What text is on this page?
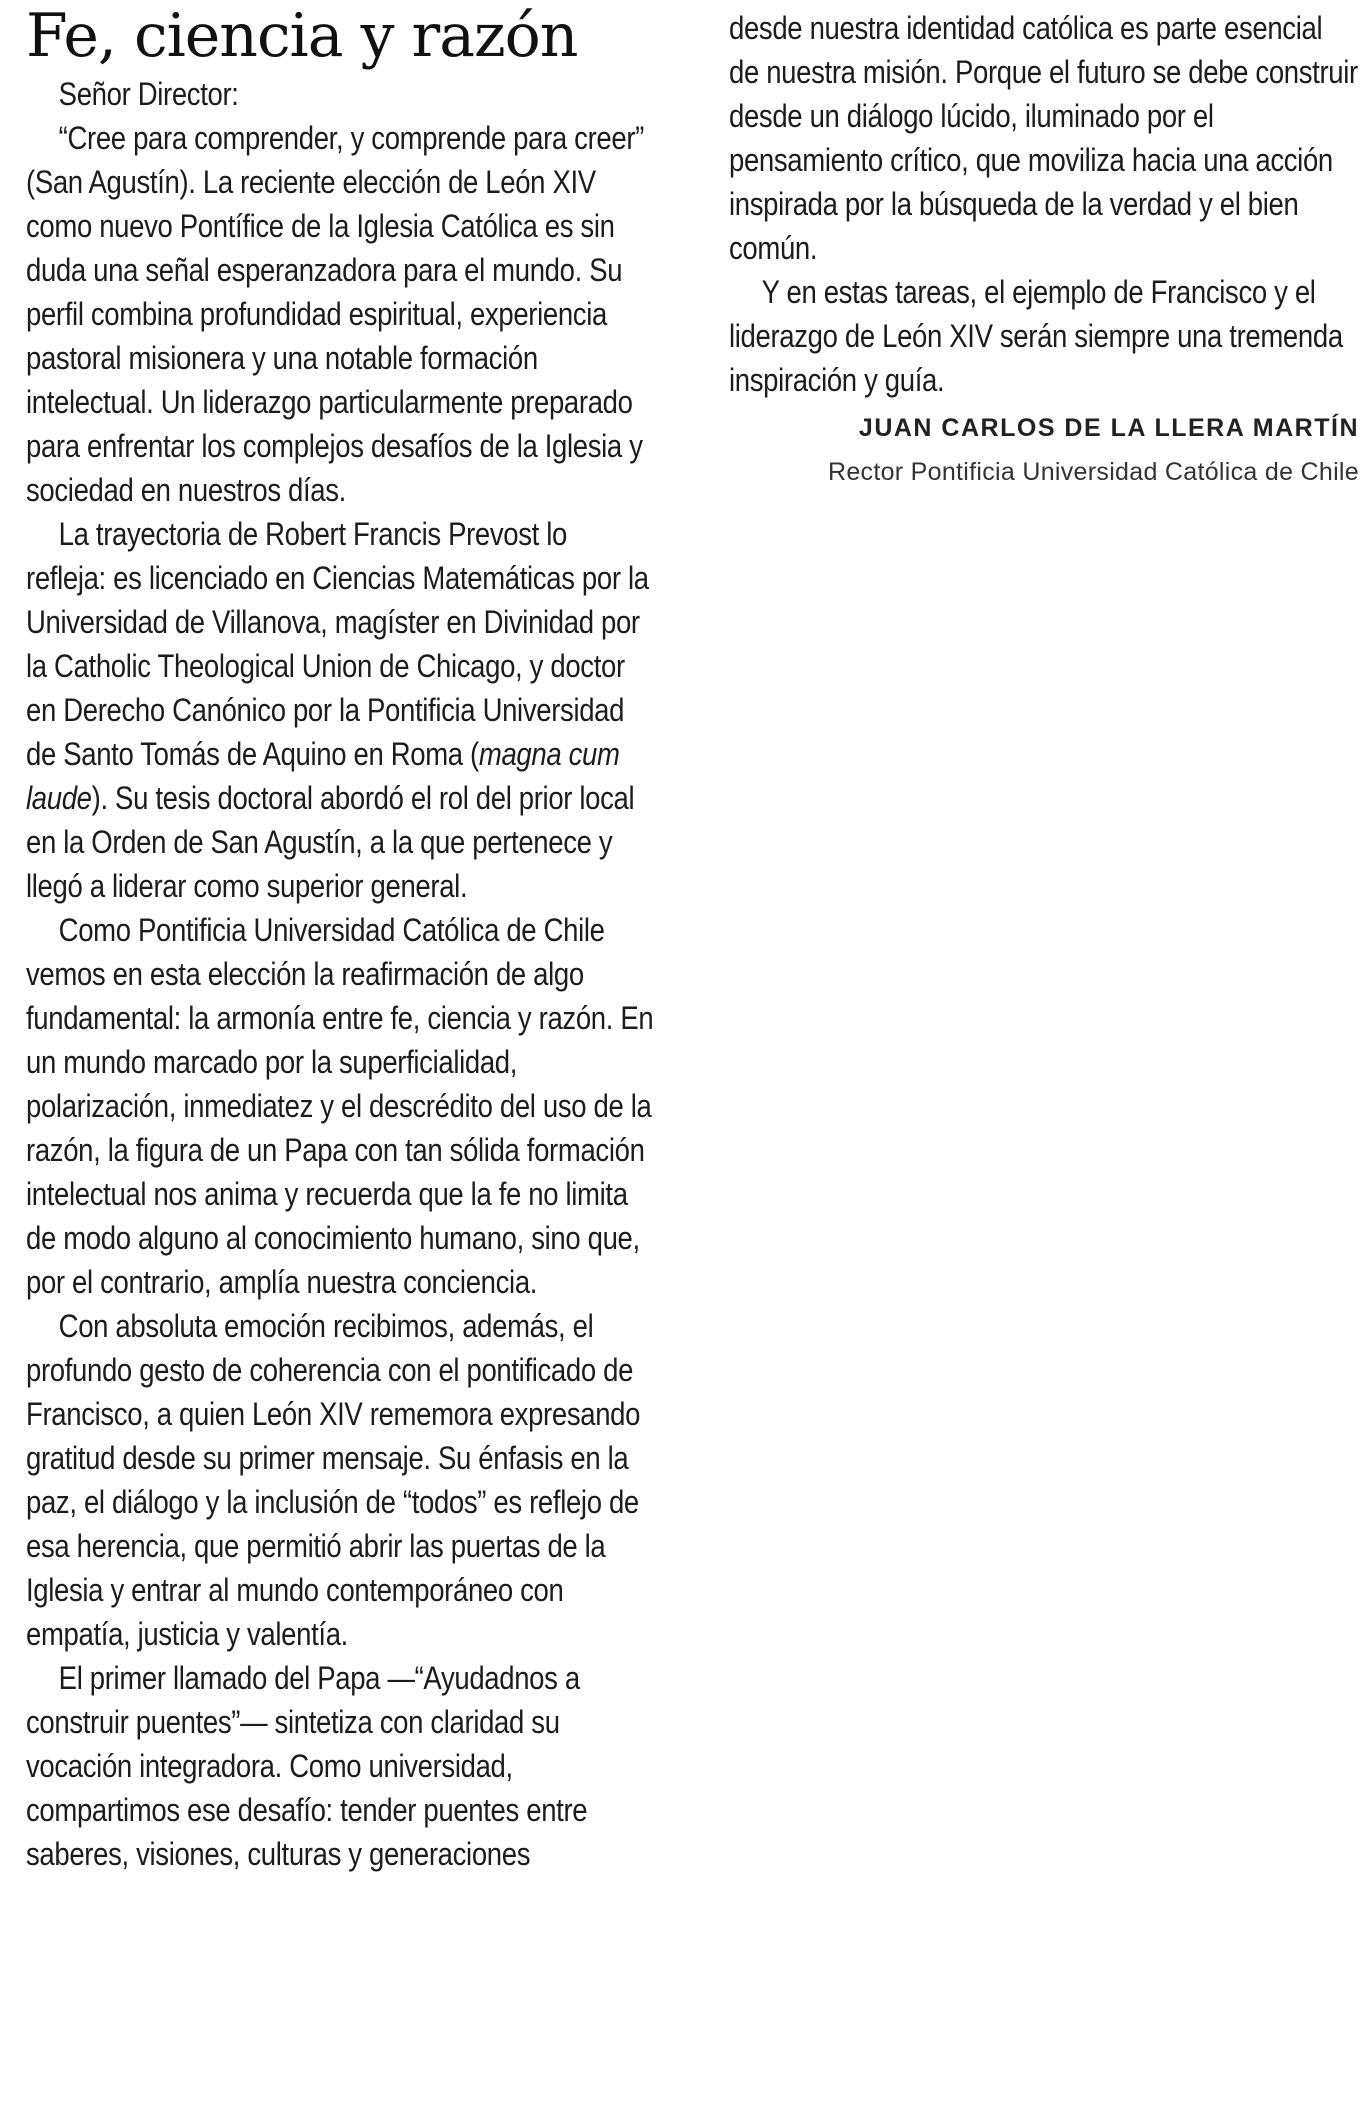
Fe, ciencia y razón

Señor Director:

“Cree para comprender, y comprende para creer” (San Agustín). La reciente elección de León XIV como nuevo Pontífice de la Iglesia Católica es sin duda una señal esperanzadora para el mundo. Su perfil combina profundidad espiritual, experiencia pastoral misionera y una notable formación intelectual. Un liderazgo particularmente preparado para enfrentar los complejos desafíos de la Iglesia y sociedad en nuestros días.

La trayectoria de Robert Francis Prevost lo refleja: es licenciado en Ciencias Matemáticas por la Universidad de Villanova, magíster en Divinidad por la Catholic Theological Union de Chicago, y doctor en Derecho Canónico por la Pontificia Universidad de Santo Tomás de Aquino en Roma (magna cum laude). Su tesis doctoral abordó el rol del prior local en la Orden de San Agustín, a la que pertenece y llegó a liderar como superior general.

Como Pontificia Universidad Católica de Chile vemos en esta elección la reafirmación de algo fundamental: la armonía entre fe, ciencia y razón. En un mundo marcado por la superficialidad, polarización, inmediatez y el descrédito del uso de la razón, la figura de un Papa con tan sólida formación intelectual nos anima y recuerda que la fe no limita de modo alguno al conocimiento humano, sino que, por el contrario, amplía nuestra conciencia.

Con absoluta emoción recibimos, además, el profundo gesto de coherencia con el pontificado de Francisco, a quien León XIV rememora expresando gratitud desde su primer mensaje. Su énfasis en la paz, el diálogo y la inclusión de “todos” es reflejo de esa herencia, que permitió abrir las puertas de la Iglesia y entrar al mundo contemporáneo con empatía, justicia y valentía.

El primer llamado del Papa —“Ayudadnos a construir puentes”— sintetiza con claridad su vocación integradora. Como universidad, compartimos ese desafío: tender puentes entre saberes, visiones, culturas y generaciones

desde nuestra identidad católica es parte esencial de nuestra misión. Porque el futuro se debe construir desde un diálogo lúcido, iluminado por el pensamiento crítico, que moviliza hacia una acción inspirada por la búsqueda de la verdad y el bien común.

Y en estas tareas, el ejemplo de Francisco y el liderazgo de León XIV serán siempre una tremenda inspiración y guía.

JUAN CARLOS DE LA LLERA MARTÍN
Rector Pontificia Universidad Católica de Chile
